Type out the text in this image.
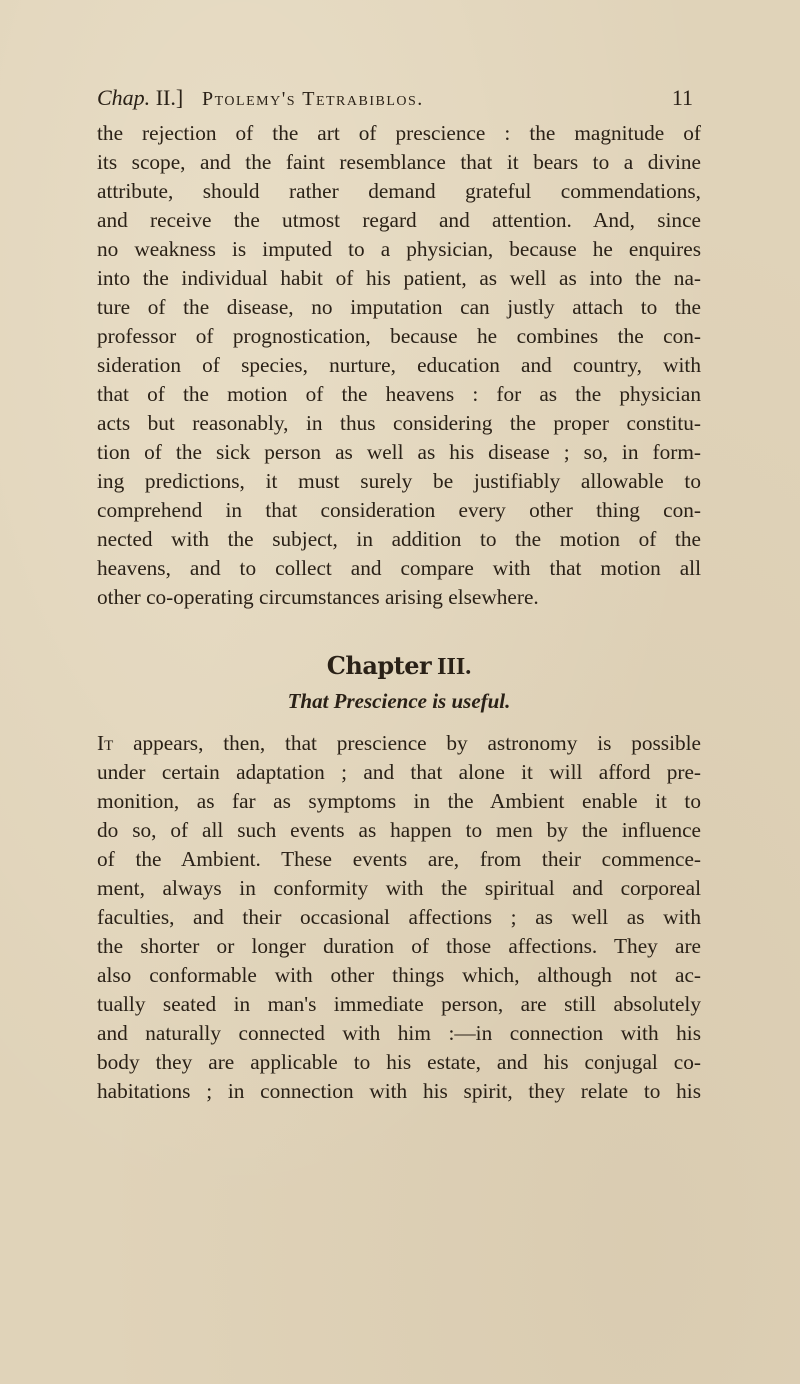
Chap. II.] Ptolemy's Tetrabiblos.	11
the rejection of the art of prescience : the magnitude of
its scope, and the faint resemblance that it bears to a divine
attribute, should rather demand grateful commendations,
and receive the utmost regard and attention. And, since
no weakness is imputed to a physician, because he enquires
into the individual habit of his patient, as well as into the na-
ture of the disease, no imputation can justly attach to the
professor of prognostication, because he combines the con-
sideration of species, nurture, education and country, with
that of the motion of the heavens : for as the physician
acts but reasonably, in thus considering the proper constitu-
tion of the sick person as well as his disease ; so, in form-
ing predictions, it must surely be justifiably allowable to
comprehend in that consideration every other thing con-
nected with the subject, in addition to the motion of the
heavens, and to collect and compare with that motion all
other co-operating circumstances arising elsewhere.
Chapter III.
That Prescience is useful.
It appears, then, that prescience by astronomy is possible
under certain adaptation ; and that alone it will afford pre-
monition, as far as symptoms in the Ambient enable it to
do so, of all such events as happen to men by the influence
of the Ambient. These events are, from their commence-
ment, always in conformity with the spiritual and corporeal
faculties, and their occasional affections ; as well as with
the shorter or longer duration of those affections. They are
also conformable with other things which, although not ac-
tually seated in man's immediate person, are still absolutely
and naturally connected with him :—in connection with his
body they are applicable to his estate, and his conjugal co-
habitations ; in connection with his spirit, they relate to his
